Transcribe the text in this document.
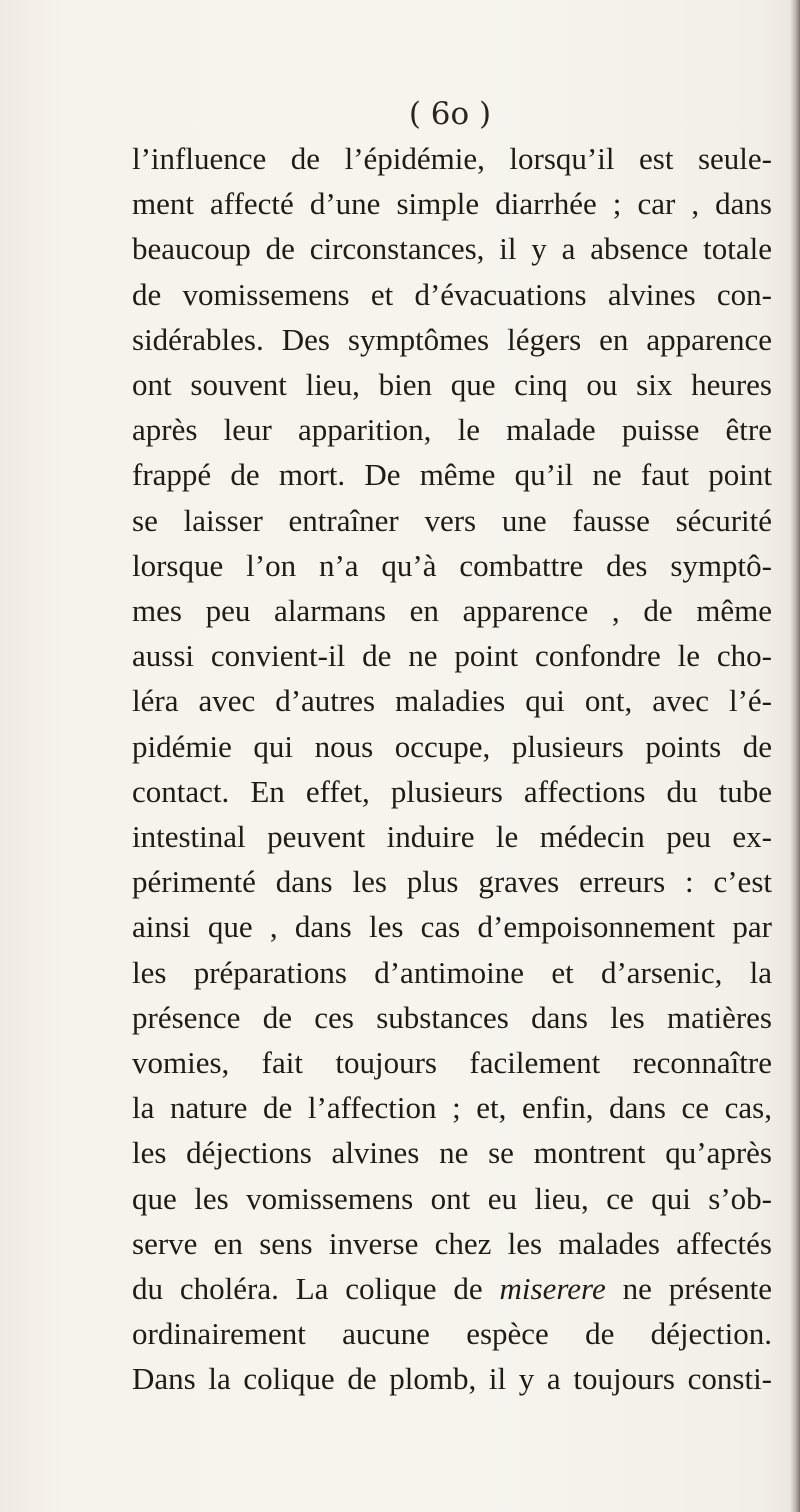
( 6o )
l’influence de l’épidémie, lorsqu’il est seule-
ment affecté d’une simple diarrhée ; car , dans
beaucoup de circonstances, il y a absence totale
de vomissemens et d’évacuations alvines con-
sidérables. Des symptômes légers en apparence
ont souvent lieu, bien que cinq ou six heures
après leur apparition, le malade puisse être
frappé de mort. De même qu’il ne faut point
se laisser entraîner vers une fausse sécurité
lorsque l’on n’a qu’à combattre des symptô-
mes peu alarmans en apparence , de même
aussi convient-il de ne point confondre le cho-
léra avec d’autres maladies qui ont, avec l’é-
pidémie qui nous occupe, plusieurs points de
contact. En effet, plusieurs affections du tube
intestinal peuvent induire le médecin peu ex-
périmenté dans les plus graves erreurs : c’est
ainsi que , dans les cas d’empoisonnement par
les préparations d’antimoine et d’arsenic, la
présence de ces substances dans les matières
vomies, fait toujours facilement reconnaître
la nature de l’affection ; et, enfin, dans ce cas,
les déjections alvines ne se montrent qu’après
que les vomissemens ont eu lieu, ce qui s’ob-
serve en sens inverse chez les malades affectés
du choléra. La colique de miserere ne présente
ordinairement aucune espèce de déjection.
Dans la colique de plomb, il y a toujours consti-
